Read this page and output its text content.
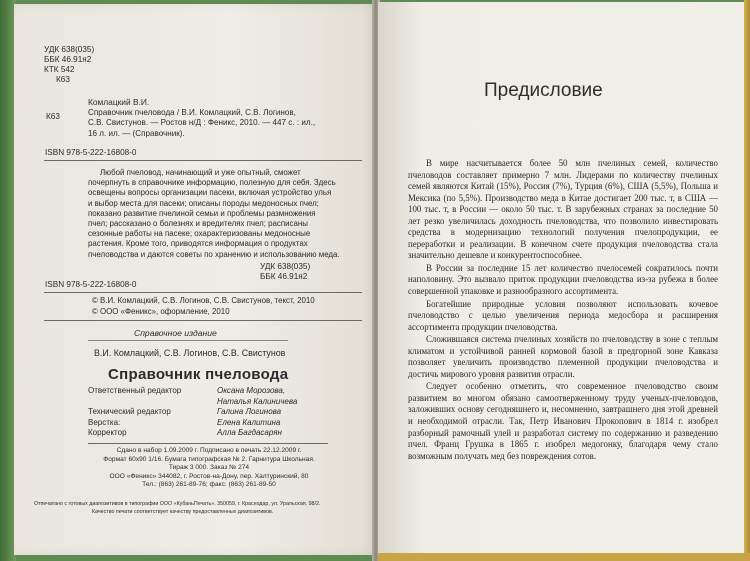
УДК 638(035)
ББК 46.91я2
КТК 542
К63
К63
Комлацкий В.И.
Справочник пчеловода / В.И. Комлацкий, С.В. Логинов,
С.В. Свистунов. — Ростов н/Д : Феникс, 2010. — 447 с. : ил.,
16 л. ил. — (Справочник).
ISBN 978-5-222-16808-0
Любой пчеловод, начинающий и уже опытный, сможет
почерпнуть в справочнике информацию, полезную для себя. Здесь
освещены вопросы организации пасеки, включая устройство улья
и выбор места для пасеки; описаны породы медоносных пчел;
показано развитие пчелиной семьи и проблемы размножения
пчел; рассказано о болезнях и вредителях пчел; расписаны
сезонные работы на пасеке; охарактеризованы медоносные
растения. Кроме того, приводятся информация о продуктах
пчеловодства и даются советы по хранению и использованию меда.
УДК 638(035)
ББК 46.91я2
ISBN 978-5-222-16808-0
© В.И. Комлацкий, С.В. Логинов, С.В. Свистунов, текст, 2010
© ООО «Феникс», оформление, 2010
Справочное издание
В.И. Комлацкий, С.В. Логинов, С.В. Свистунов
Справочник пчеловода
Ответственный редактор

Технический редактор
Верстка:
Корректор
Оксана Морозова,
Наталья Калиничева
Галина Логинова
Елена Калитина
Алла Багдасарян
Сдано в набор 1.09.2009 г. Подписано в печать 22.12.2009 г.
Формат 60x90 1/16. Бумага типографская № 2. Гарнитура Школьная.
Тираж 3 000. Заказ № 274
ООО «Феникс» 344082, г. Ростов-на-Дону, пер. Халтуринский, 80
Тел.: (863) 261-89-76; факс: (863) 261-89-50
Отпечатано с готовых диапозитивов в типографии ООО «КубаньПечать». 350059, г. Краснодар, ул. Уральская, 98/2.
Качество печати соответствует качеству предоставленных диапозитивов.
Предисловие

В мире насчитывается более 50 млн пчелиных семей, количество пчеловодов составляет примерно 7 млн. Лидерами по количеству пчелиных семей являются Китай (15%), Россия (7%), Турция (6%), США (5,5%), Польша и Мексика (по 5,5%). Производство меда в Китае достигает 200 тыс. т, в США — 100 тыс. т, в России — около 50 тыс. т. В зарубежных странах за последние 50 лет резко увеличилась доходность пчеловодства, что позволило инвестировать средства в модернизацию технологий получения пчелопродукции, ее переработки и реализации. В конечном счете продукция пчеловодства стала значительно дешевле и конкурентоспособнее.

В России за последние 15 лет количество пчелосемей сократилось почти наполовину. Это вызвало приток продукции пчеловодства из-за рубежа в более совершенной упаковке и разнообразного ассортимента.

Богатейшие природные условия позволяют использовать кочевое пчеловодство с целью увеличения периода медосбора и расширения ассортимента продукции пчеловодства.

Сложившаяся система пчелиных хозяйств по пчеловодству в зоне с теплым климатом и устойчивой ранней кормовой базой в предгорной зоне Кавказа позволяет увеличить производство племенной продукции пчеловодства и достичь мирового уровня развития отрасли.

Следует особенно отметить, что современное пчеловодство своим развитием во многом обязано самоотверженному труду ученых-пчеловодов, заложивших основу сегодняшнего и, несомненно, завтрашнего дня этой древней и необходимой отрасли. Так, Петр Иванович Прокопович в 1814 г. изобрел разборный рамочный улей и разработал систему по содержанию и разведению пчел. Франц Грушка в 1865 г. изобрел медогонку, благодаря чему стало возможным получать мед без повреждения сотов.
